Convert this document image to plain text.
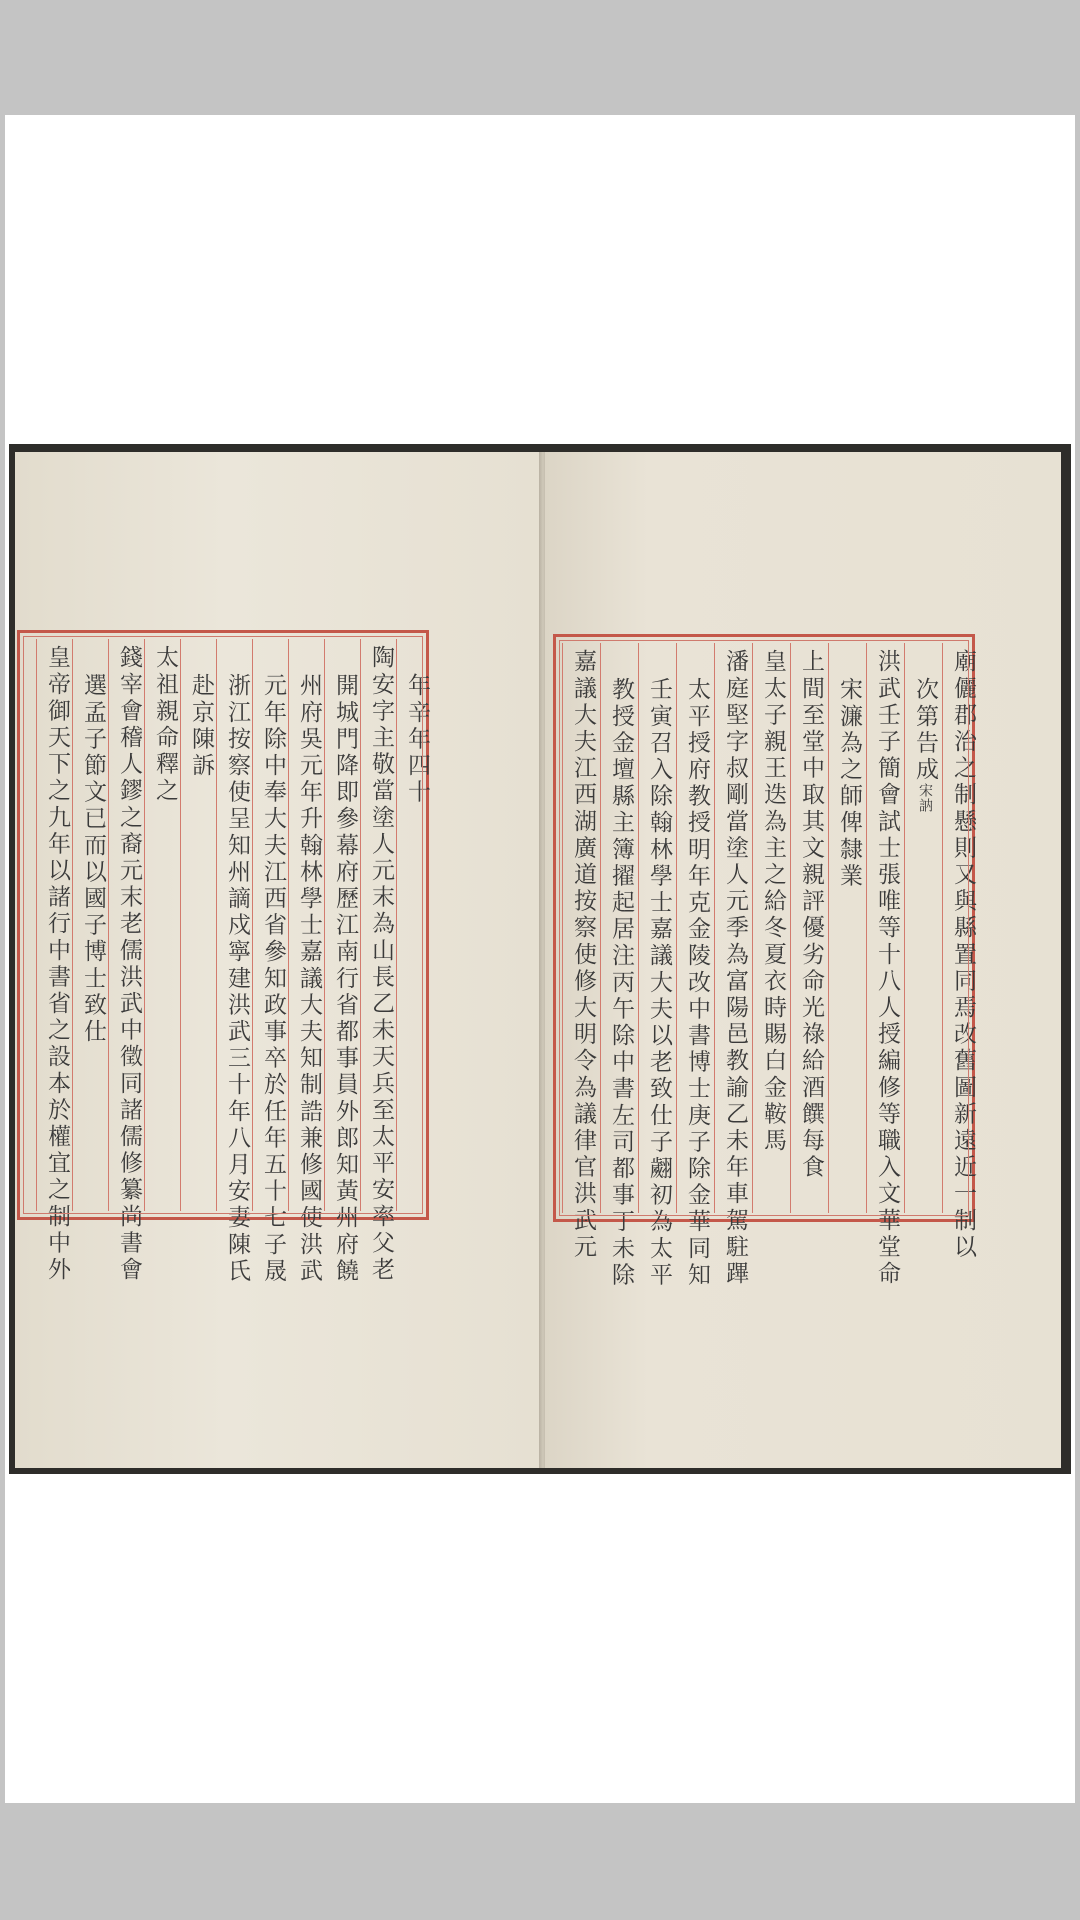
皇帝御天下之九年以諸行中書省之設本於權宜之制中外 選孟子節文已而以國子博士致仕 錢宰會稽人鏐之裔元末老儒洪武中徵同諸儒修纂尚書會 太祖親命釋之 赴京陳訴 浙江按察使呈知州謫戍寧建洪武三十年八月安妻陳氏 元年除中奉大夫江西省參知政事卒於任年五十七子晟 州府吳元年升翰林學士嘉議大夫知制誥兼修國使洪武 開城門降即參幕府歷江南行省都事員外郎知黃州府饒 陶安字主敬當塗人元末為山長乙未天兵至太平安率父老 年辛年四十	嘉議大夫江西湖廣道按察使修大明令為議律官洪武元 教授金壇縣主簿擢起居注丙午除中書左司都事丁未除 壬寅召入除翰林學士嘉議大夫以老致仕子翽初為太平 太平授府教授明年克金陵改中書博士庚子除金華同知 潘庭堅字叔剛當塗人元季為富陽邑教諭乙未年車駕駐蹕 皇太子親王迭為主之給冬夏衣時賜白金鞍馬 上間至堂中取其文親評優劣命光祿給酒饌每食 宋濂為之師俾隸業 洪武壬子簡會試士張唯等十八人授編修等職入文華堂命 次第告成宋訥 廟儷郡治之制懸則又與縣置同焉改舊圖新遠近一制以
